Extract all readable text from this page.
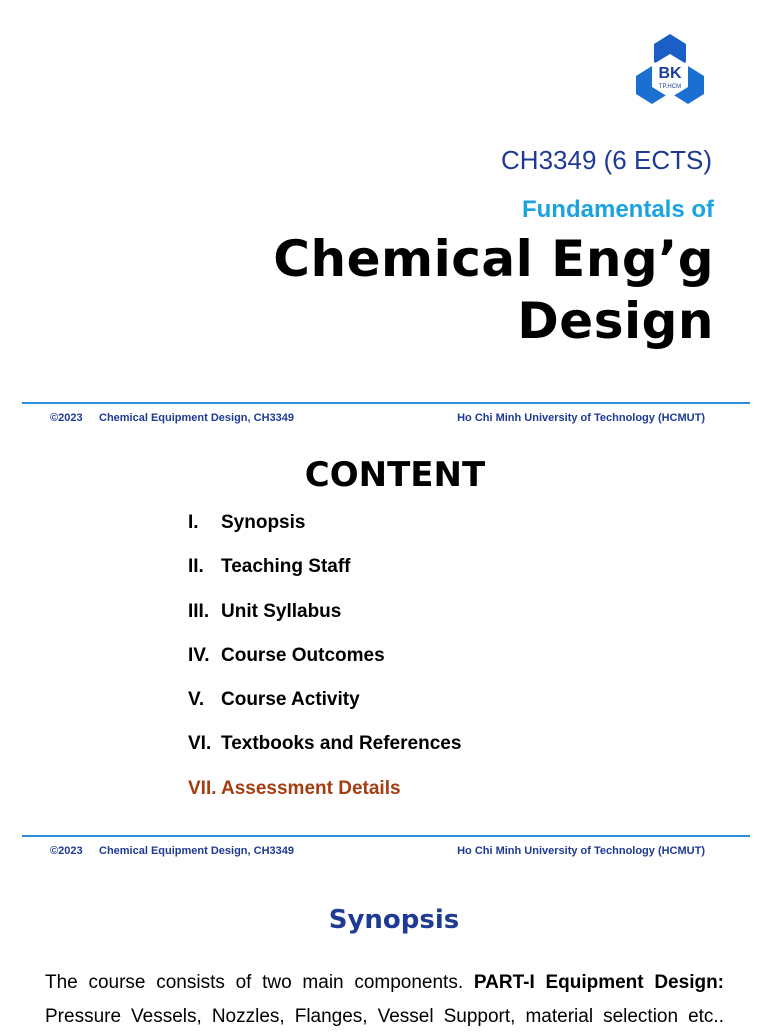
BK
TP.HCM
CH3349 (6 ECTS)
Fundamentals of
Chemical Eng’g
Design
©2023 Chemical Equipment Design, CH3349	Ho Chi Minh University of Technology (HCMUT)
CONTENT
I. Synopsis
II. Teaching Staff
III. Unit Syllabus
IV. Course Outcomes
V. Course Activity
VI. Textbooks and References
VII. Assessment Details
©2023 Chemical Equipment Design, CH3349	Ho Chi Minh University of Technology (HCMUT)
Synopsis
The course consists of two main components. PART-I Equipment Design:
Pressure Vessels, Nozzles, Flanges, Vessel Support, material selection etc..
